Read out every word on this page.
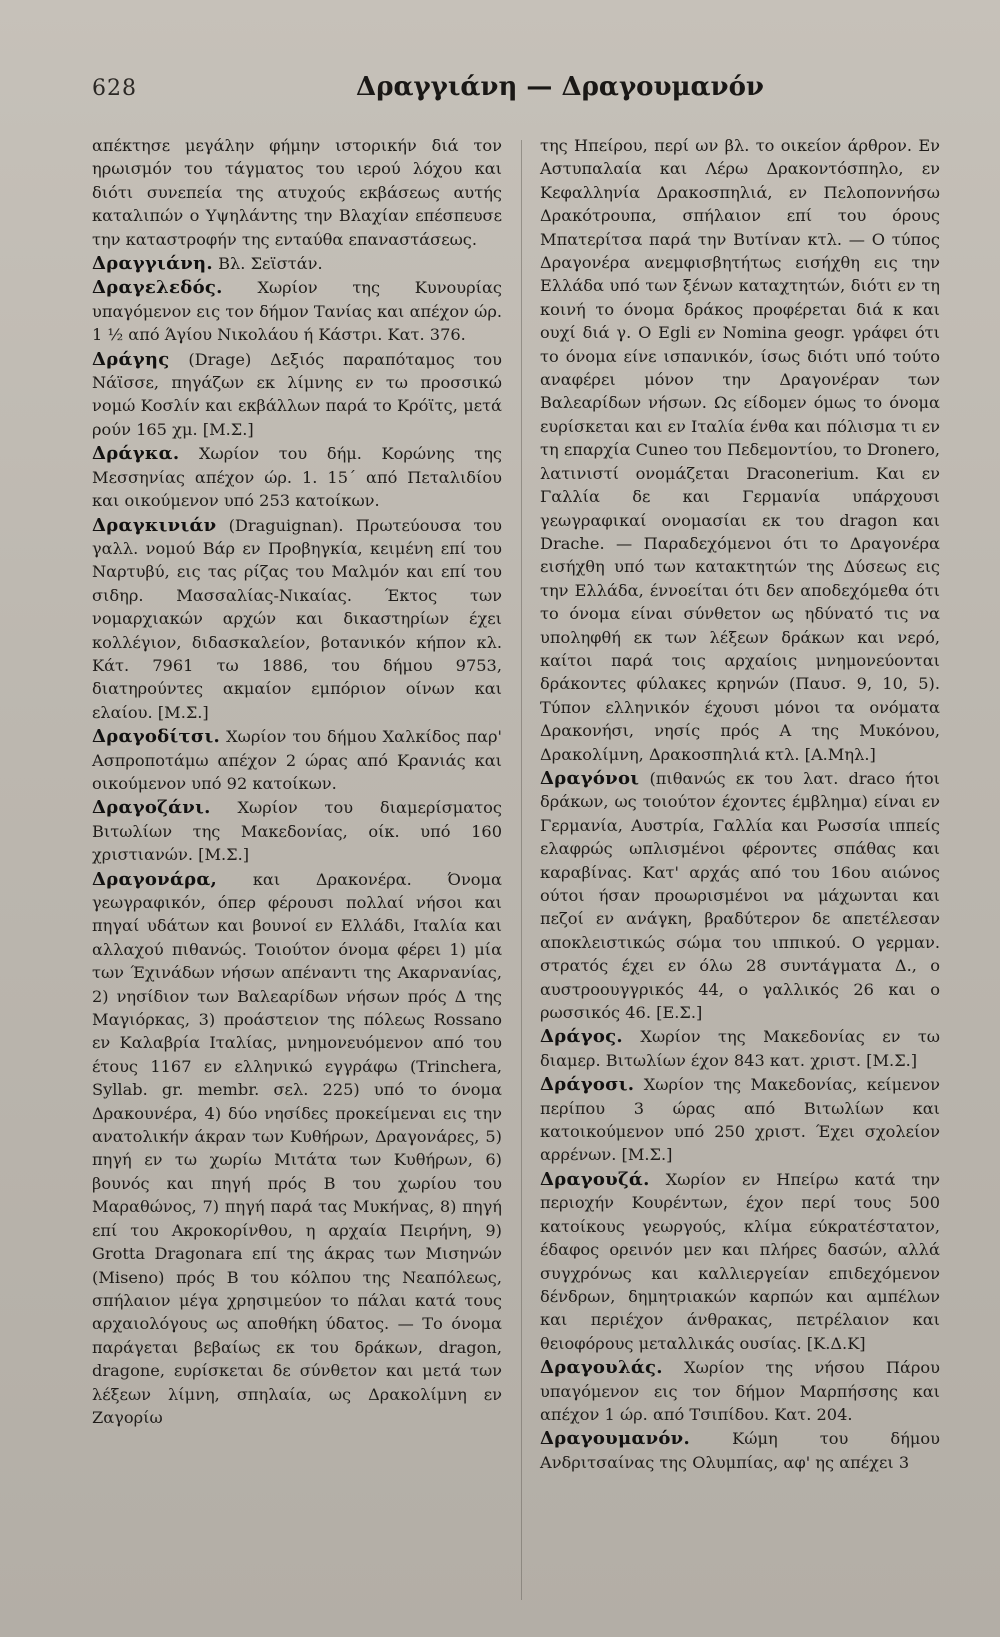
628	Δραγγιάνη — Δραγουμανόν

απέκτησε μεγάλην φήμην ιστορικήν διά τον ηρωισμόν του τάγματος του ιερού λόχου και διότι συνεπεία της ατυχούς εκβάσεως αυτής καταλιπών ο Υψηλάντης την Βλαχίαν επέσπευσε την καταστροφήν της ενταύθα επαναστάσεως.

Δραγγιάνη. Βλ. Σεϊστάν.

Δραγελεδός. Χωρίον της Κυνουρίας υπαγόμενον εις τον δήμον Τανίας και απέχον ώρ. 1 ½ από Άγίου Νικολάου ή Κάστρι. Κατ. 376.

Δράγης (Drage) Δεξιός παραπόταμος του Νάϊσσε, πηγάζων εκ λίμνης εν τω προσσικώ νομώ Κοσλίν και εκβάλλων παρά το Κρόϊτς, μετά ρούν 165 χμ. [Μ.Σ.]

Δράγκα. Χωρίον του δήμ. Κορώνης της Μεσσηνίας απέχον ώρ. 1. 15΄ από Πεταλιδίου και οικούμενον υπό 253 κατοίκων.

Δραγκινιάν (Draguignan). Πρωτεύουσα του γαλλ. νομού Βάρ εν Προβηγκία, κειμένη επί του Ναρτυβύ, εις τας ρίζας του Μαλμόν και επί του σιδηρ. Μασσαλίας-Νικαίας. Έκτος των νομαρχιακών αρχών και δικαστηρίων έχει κολλέγιον, διδασκαλείον, βοτανικόν κήπον κλ. Κάτ. 7961 τω 1886, του δήμου 9753, διατηρούντες ακμαίον εμπόριον οίνων και ελαίου. [Μ.Σ.]

Δραγοδίτσι. Χωρίον του δήμου Χαλκίδος παρ' Ασπροποτάμω απέχον 2 ώρας από Κρανιάς και οικούμενον υπό 92 κατοίκων.

Δραγοζάνι. Χωρίον του διαμερίσματος Βιτωλίων της Μακεδονίας, οίκ. υπό 160 χριστιανών. [Μ.Σ.]

Δραγονάρα, και Δρακονέρα. Όνομα γεωγραφικόν, όπερ φέρουσι πολλαί νήσοι και πηγαί υδάτων και βουνοί εν Ελλάδι, Ιταλία και αλλαχού πιθανώς. Τοιούτον όνομα φέρει 1) μία των Έχινάδων νήσων απέναντι της Ακαρνανίας, 2) νησίδιον των Βαλεαρίδων νήσων πρός Δ της Μαγιόρκας, 3) προάστειον της πόλεως Rossano εν Καλαβρία Ιταλίας, μνημονευόμενον από του έτους 1167 εν ελληνικώ εγγράφω (Trinchera, Syllab. gr. membr. σελ. 225) υπό το όνομα Δρακουνέρα, 4) δύο νησίδες προκείμεναι εις την ανατολικήν άκραν των Κυθήρων, Δραγονάρες, 5) πηγή εν τω χωρίω Μιτάτα των Κυθήρων, 6) βουνός και πηγή πρός Β του χωρίου του Μαραθώνος, 7) πηγή παρά τας Μυκήνας, 8) πηγή επί του Ακροκορίνθου, η αρχαία Πειρήνη, 9) Grotta Dragonara επί της άκρας των Μισηνών (Miseno) πρός Β του κόλπου της Νεαπόλεως, σπήλαιον μέγα χρησιμεύον το πάλαι κατά τους αρχαιολόγους ως αποθήκη ύδατος. — Το όνομα παράγεται βεβαίως εκ του δράκων, dragon, dragone, ευρίσκεται δε σύνθετον και μετά των λέξεων λίμνη, σπηλαία, ως Δρακολίμνη εν Ζαγορίω

της Ηπείρου, περί ων βλ. το οικείον άρθρον. Εν Αστυπαλαία και Λέρω Δρακοντόσπηλο, εν Κεφαλληνία Δρακοσπηλιά, εν Πελοποννήσω Δρακότρουπα, σπήλαιον επί του όρους Μπατερίτσα παρά την Βυτίναν κτλ. — Ο τύπος Δραγονέρα ανεμφισβητήτως εισήχθη εις την Ελλάδα υπό των ξένων καταχτητών, διότι εν τη κοινή το όνομα δράκος προφέρεται διά κ και ουχί διά γ. Ο Egli εν Nomina geogr. γράφει ότι το όνομα είνε ισπανικόν, ίσως διότι υπό τούτο αναφέρει μόνον την Δραγονέραν των Βαλεαρίδων νήσων. Ως είδομεν όμως το όνομα ευρίσκεται και εν Ιταλία ένθα και πόλισμα τι εν τη επαρχία Cuneo του Πεδεμοντίου, το Dronero, λατινιστί ονομάζεται Draconerium. Και εν Γαλλία δε και Γερμανία υπάρχουσι γεωγραφικαί ονομασίαι εκ του dragon και Drache. — Παραδεχόμενοι ότι το Δραγονέρα εισήχθη υπό των κατακτητών της Δύσεως εις την Ελλάδα, έννοείται ότι δεν αποδεχόμεθα ότι το όνομα είναι σύνθετον ως ηδύνατό τις να υποληφθή εκ των λέξεων δράκων και νερό, καίτοι παρά τοις αρχαίοις μνημονεύονται δράκοντες φύλακες κρηνών (Παυσ. 9, 10, 5). Τύπον ελληνικόν έχουσι μόνοι τα ονόματα Δρακονήσι, νησίς πρός Α της Μυκόνου, Δρακολίμνη, Δρακοσπηλιά κτλ. [Α.Μηλ.]

Δραγόνοι (πιθανώς εκ του λατ. draco ήτοι δράκων, ως τοιούτον έχοντες έμβλημα) είναι εν Γερμανία, Αυστρία, Γαλλία και Ρωσσία ιππείς ελαφρώς ωπλισμένοι φέροντες σπάθας και καραβίνας. Κατ' αρχάς από του 16ου αιώνος ούτοι ήσαν προωρισμένοι να μάχωνται και πεζοί εν ανάγκη, βραδύτερον δε απετέλεσαν αποκλειστικώς σώμα του ιππικού. Ο γερμαν. στρατός έχει εν όλω 28 συντάγματα Δ., ο αυστροουγγρικός 44, ο γαλλικός 26 και ο ρωσσικός 46. [Ε.Σ.]

Δράγος. Χωρίον της Μακεδονίας εν τω διαμερ. Βιτωλίων έχον 843 κατ. χριστ. [Μ.Σ.]

Δράγοσι. Χωρίον της Μακεδονίας, κείμενον περίπου 3 ώρας από Βιτωλίων και κατοικούμενον υπό 250 χριστ. Έχει σχολείον αρρένων. [Μ.Σ.]

Δραγουζά. Χωρίον εν Ηπείρω κατά την περιοχήν Κουρέντων, έχον περί τους 500 κατοίκους γεωργούς, κλίμα εύκρατέστατον, έδαφος ορεινόν μεν και πλήρες δασών, αλλά συγχρόνως και καλλιεργείαν επιδεχόμενον δένδρων, δημητριακών καρπών και αμπέλων και περιέχον άνθρακας, πετρέλαιον και θειοφόρους μεταλλικάς ουσίας. [Κ.Δ.Κ]

Δραγουλάς. Χωρίον της νήσου Πάρου υπαγόμενον εις τον δήμον Μαρπήσσης και απέχον 1 ώρ. από Τσιπίδου. Κατ. 204.

Δραγουμανόν.	Κώμη του δήμου Ανδριτσαίνας της Ολυμπίας, αφ' ης απέχει 3
